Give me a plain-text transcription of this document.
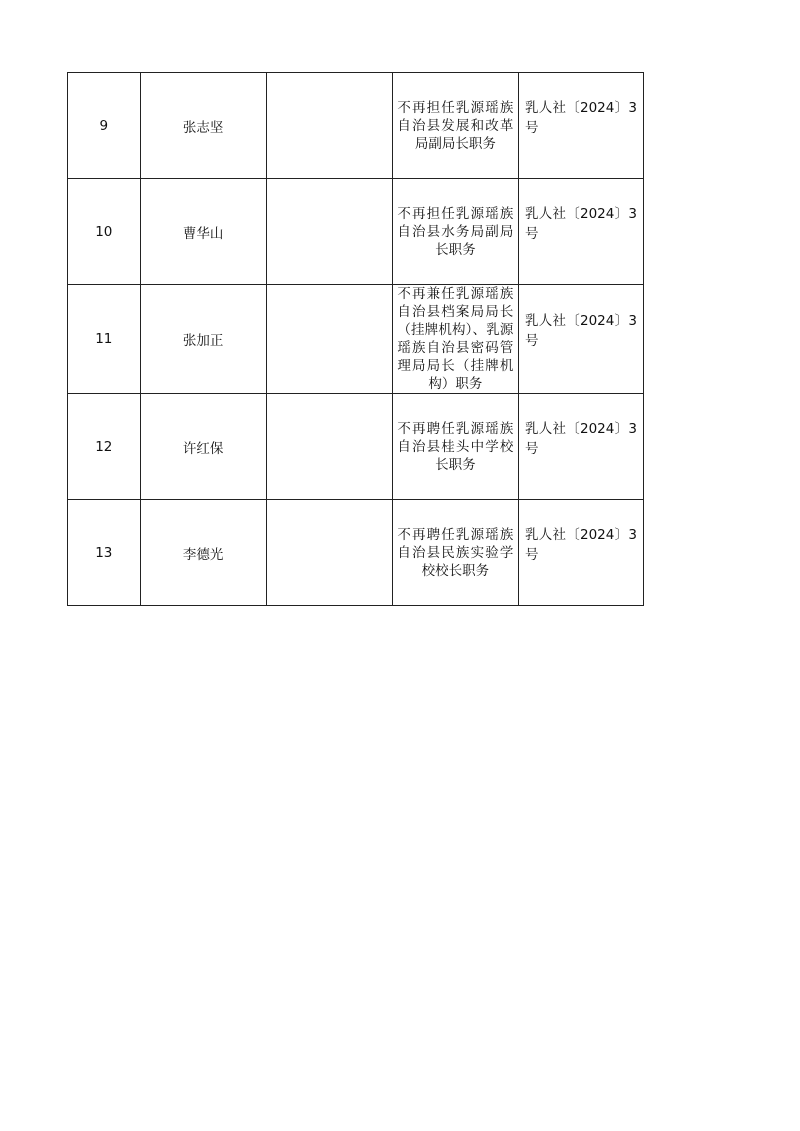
9	张志坚		不再担任乳源瑶族自治县发展和改革局副局长职务	乳人社〔2024〕3号

10	曹华山		不再担任乳源瑶族自治县水务局副局长职务	乳人社〔2024〕3号

11	张加正		不再兼任乳源瑶族自治县档案局局长（挂牌机构）、乳源瑶族自治县密码管理局局长（挂牌机构）职务	乳人社〔2024〕3号

12	许红保		不再聘任乳源瑶族自治县桂头中学校长职务	乳人社〔2024〕3号

13	李德光		不再聘任乳源瑶族自治县民族实验学校校长职务	乳人社〔2024〕3号
